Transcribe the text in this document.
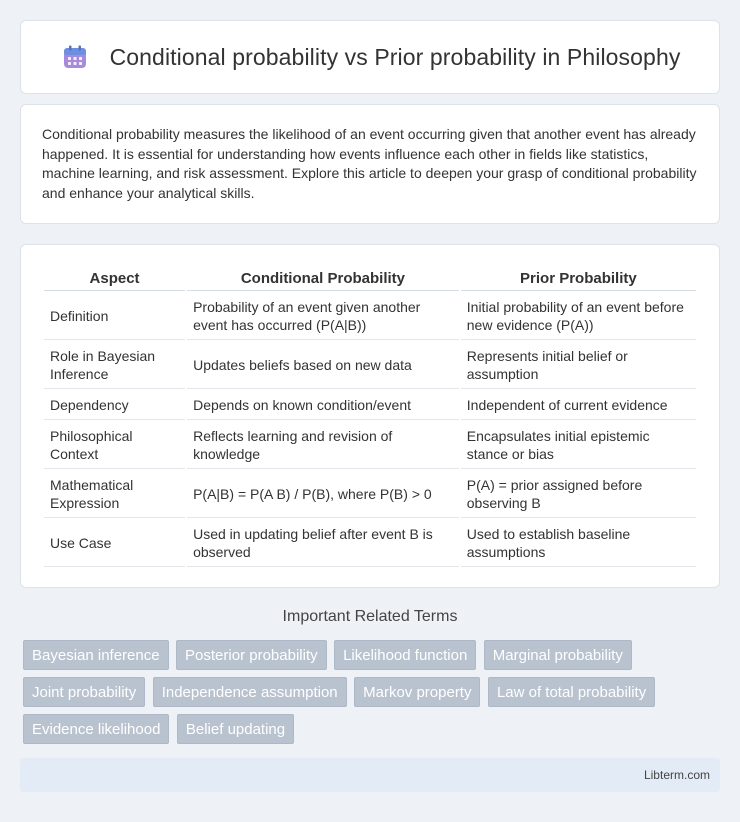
Conditional probability vs Prior probability in Philosophy

Conditional probability measures the likelihood of an event occurring given that another event has already happened. It is essential for understanding how events influence each other in fields like statistics, machine learning, and risk assessment. Explore this article to deepen your grasp of conditional probability and enhance your analytical skills.

Aspect	Conditional Probability	Prior Probability
Definition	Probability of an event given another event has occurred (P(A|B))	Initial probability of an event before new evidence (P(A))
Role in Bayesian Inference	Updates beliefs based on new data	Represents initial belief or assumption
Dependency	Depends on known condition/event	Independent of current evidence
Philosophical Context	Reflects learning and revision of knowledge	Encapsulates initial epistemic stance or bias
Mathematical Expression	P(A|B) = P(A B) / P(B), where P(B) > 0	P(A) = prior assigned before observing B
Use Case	Used in updating belief after event B is observed	Used to establish baseline assumptions
Important Related Terms
Bayesian inference Posterior probability Likelihood function Marginal probability Joint probability Independence assumption Markov property Law of total probability Evidence likelihood Belief updating
Libterm.com
